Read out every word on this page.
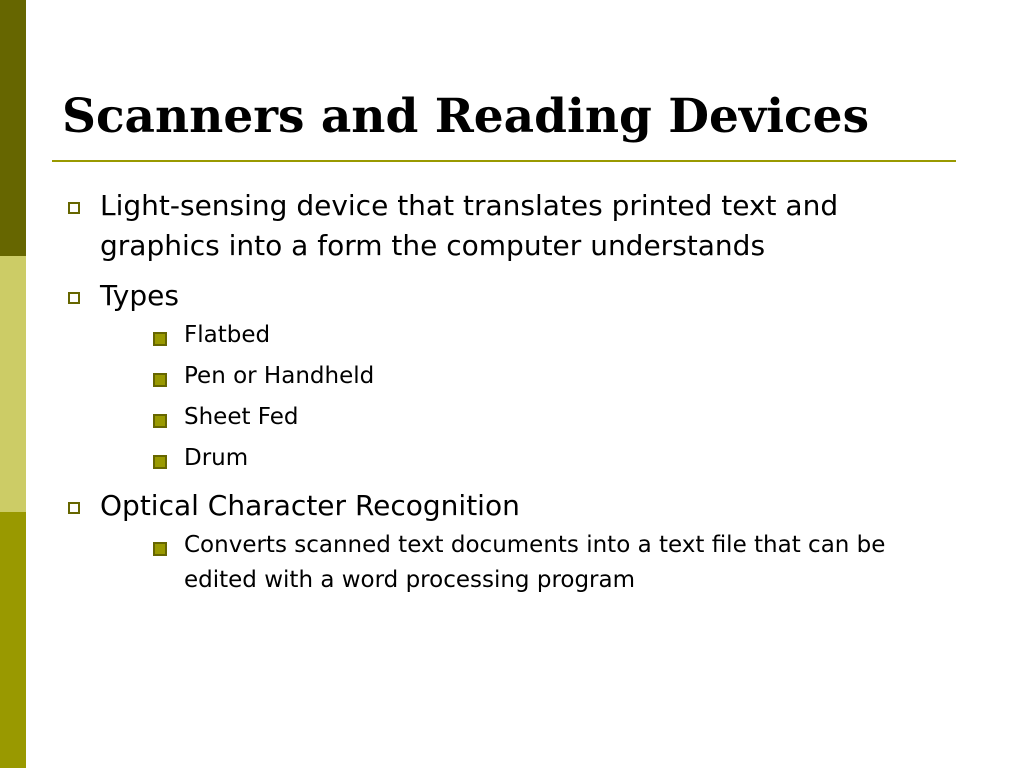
Scanners and Reading Devices
Light-sensing device that translates printed text and graphics into a form the computer understands
Types
Flatbed
Pen or Handheld
Sheet Fed
Drum
Optical Character Recognition
Converts scanned text documents into a text file that can be edited with a word processing program
